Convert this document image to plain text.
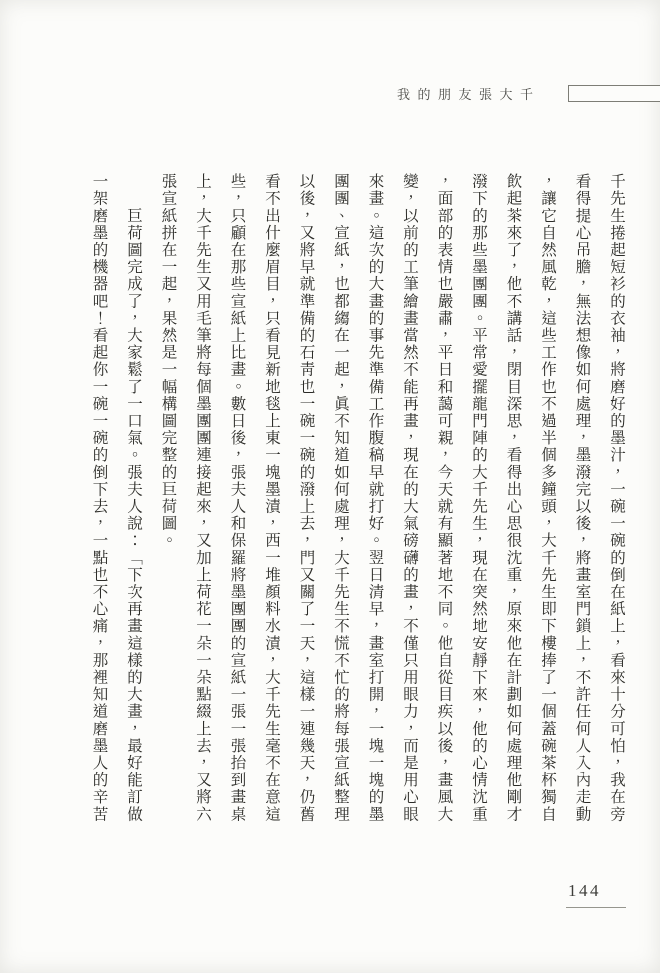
我的朋友張大千
千先生捲起短衫的衣袖，將磨好的墨汁，一碗一碗的倒在紙上，看來十分可怕，我在旁
看得提心吊膽，無法想像如何處理，墨潑完以後，將畫室門鎖上，不許任何人入內走動
，讓它自然風乾，這些工作也不過半個多鐘頭，大千先生即下樓捧了一個蓋碗茶杯獨自
飲起茶來了，他不講話，閉目深思，看得出心思很沈重，原來他在計劃如何處理他剛才
潑下的那些墨團團。平常愛擺龍門陣的大千先生，現在突然地安靜下來，他的心情沈重
，面部的表情也嚴肅，平日和藹可親，今天就有顯著地不同。他自從目疾以後，畫風大
變，以前的工筆繪畫當然不能再畫，現在的大氣磅礴的畫，不僅只用眼力，而是用心眼
來畫。這次的大畫的事先準備工作腹稿早就打好。翌日清早，畫室打開，一塊一塊的墨
團團、宣紙，也都縐在一起，眞不知道如何處理，大千先生不慌不忙的將每張宣紙整理
以後，又將早就準備的石靑也一碗一碗的潑上去，門又關了一天，這樣一連幾天，仍舊
看不出什麼眉目，只看見新地毯上東一塊墨漬，西一堆顏料水漬，大千先生毫不在意這
些，只顧在那些宣紙上比畫。數日後，張夫人和保羅將墨團團的宣紙一張一張抬到畫桌
上，大千先生又用毛筆將每個墨團團連接起來，又加上荷花一朵一朵點綴上去，又將六
張宣紙拼在一起，果然是一幅構圖完整的巨荷圖。
　　巨荷圖完成了，大家鬆了一口氣。張夫人說：「下次再畫這樣的大畫，最好能訂做
一架磨墨的機器吧！看起你一碗一碗的倒下去，一點也不心痛，那裡知道磨墨人的辛苦
144
